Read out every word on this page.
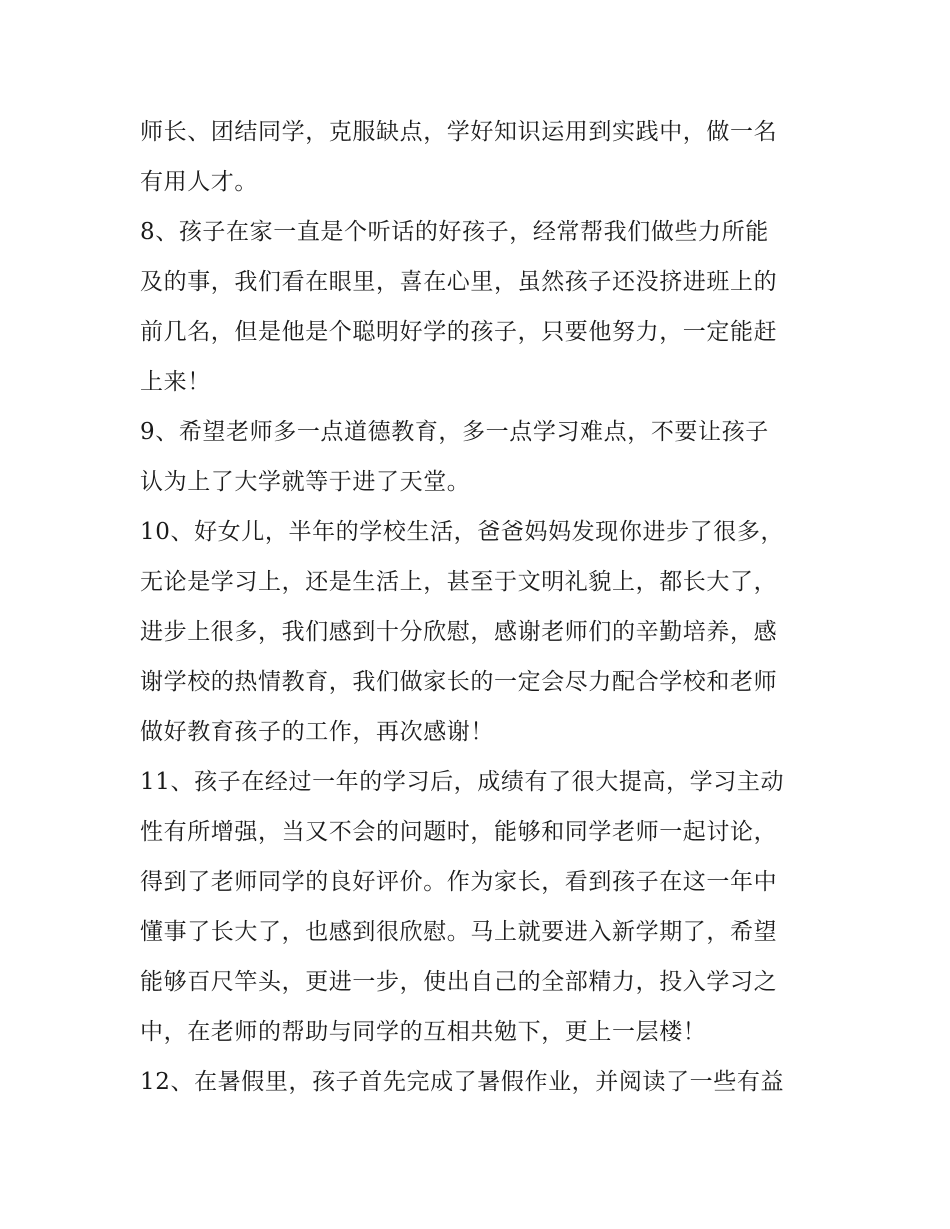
师长、团结同学，克服缺点，学好知识运用到实践中，做一名
有用人才。
8、孩子在家一直是个听话的好孩子，经常帮我们做些力所能
及的事，我们看在眼里，喜在心里，虽然孩子还没挤进班上的
前几名，但是他是个聪明好学的孩子，只要他努力，一定能赶
上来！
9、希望老师多一点道德教育，多一点学习难点，不要让孩子
认为上了大学就等于进了天堂。
10、好女儿，半年的学校生活，爸爸妈妈发现你进步了很多，
无论是学习上，还是生活上，甚至于文明礼貌上，都长大了，
进步上很多，我们感到十分欣慰，感谢老师们的辛勤培养，感
谢学校的热情教育，我们做家长的一定会尽力配合学校和老师
做好教育孩子的工作，再次感谢！
11、孩子在经过一年的学习后，成绩有了很大提高，学习主动
性有所增强，当又不会的问题时，能够和同学老师一起讨论，
得到了老师同学的良好评价。作为家长，看到孩子在这一年中
懂事了长大了，也感到很欣慰。马上就要进入新学期了，希望
能够百尺竿头，更进一步，使出自己的全部精力，投入学习之
中，在老师的帮助与同学的互相共勉下，更上一层楼！
12、在暑假里，孩子首先完成了暑假作业，并阅读了一些有益
